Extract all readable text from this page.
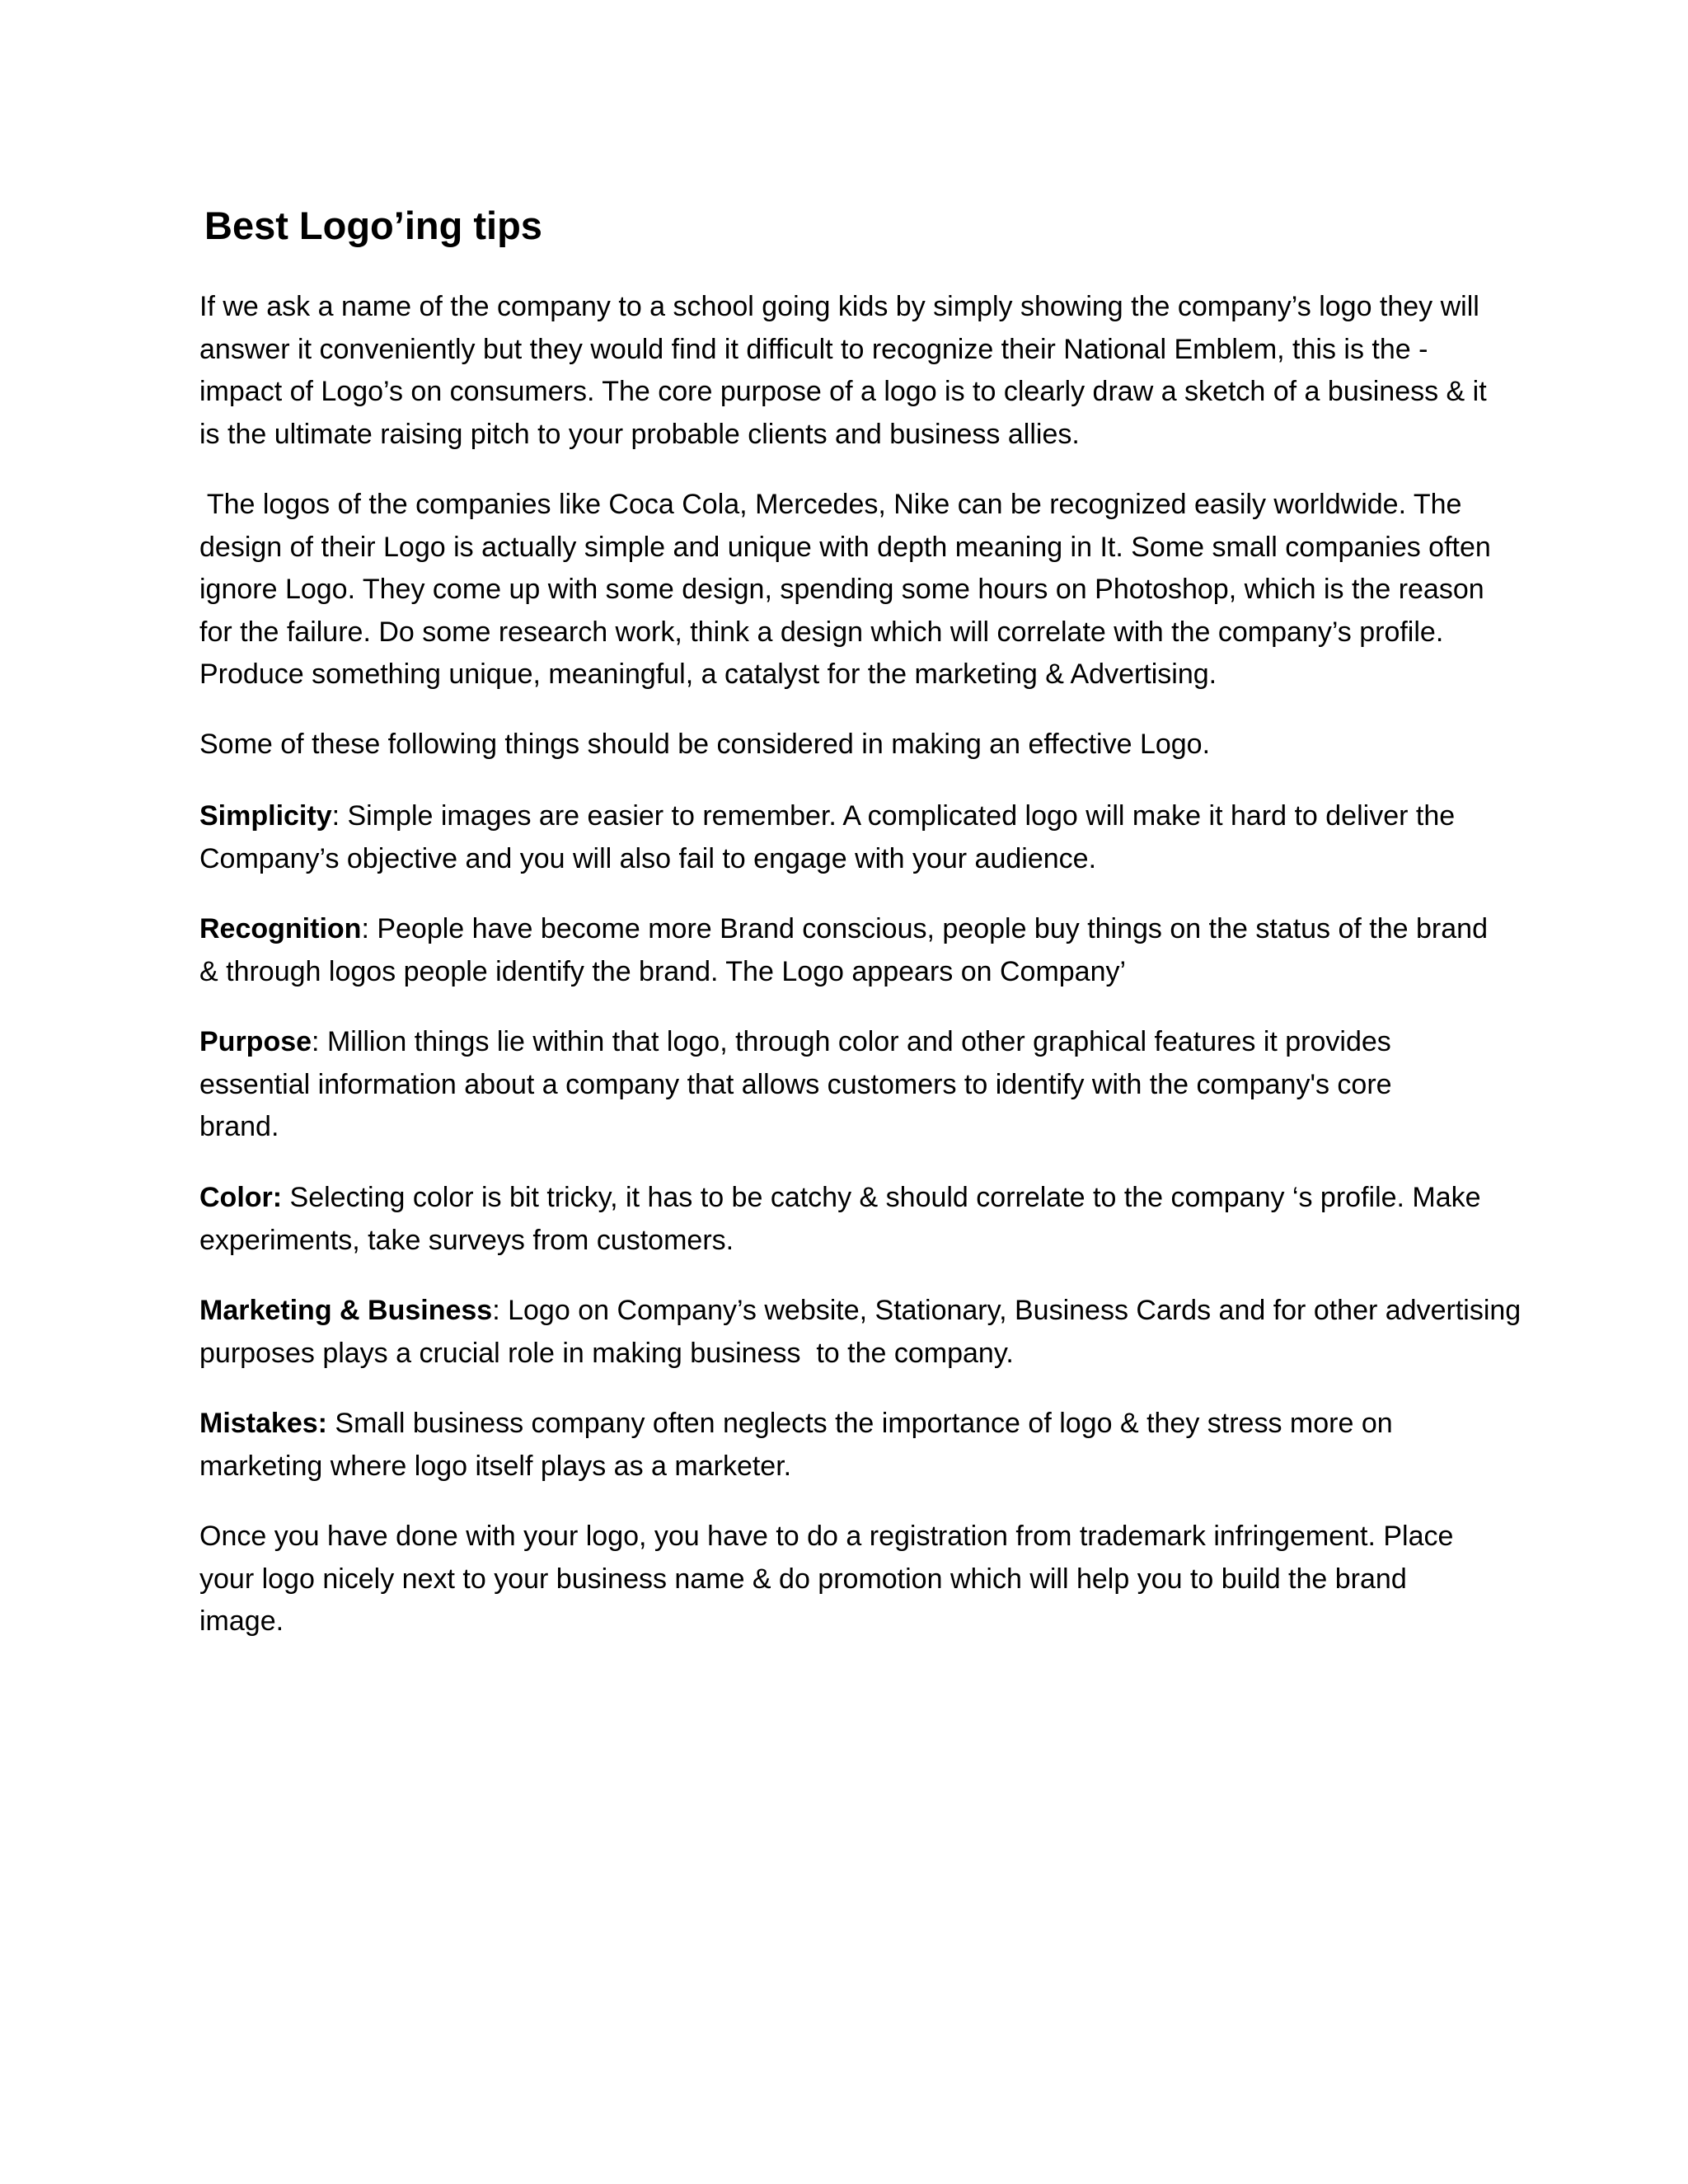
Best Logo’ing tips

If we ask a name of the company to a school going kids by simply showing the company’s logo they will
answer it conveniently but they would find it difficult to recognize their National Emblem, this is the -
impact of Logo’s on consumers. The core purpose of a logo is to clearly draw a sketch of a business & it
is the ultimate raising pitch to your probable clients and business allies.

The logos of the companies like Coca Cola, Mercedes, Nike can be recognized easily worldwide. The
design of their Logo is actually simple and unique with depth meaning in It. Some small companies often
ignore Logo. They come up with some design, spending some hours on Photoshop, which is the reason
for the failure. Do some research work, think a design which will correlate with the company’s profile.
Produce something unique, meaningful, a catalyst for the marketing & Advertising.

Some of these following things should be considered in making an effective Logo.

Simplicity: Simple images are easier to remember. A complicated logo will make it hard to deliver the
Company’s objective and you will also fail to engage with your audience.

Recognition: People have become more Brand conscious, people buy things on the status of the brand
& through logos people identify the brand. The Logo appears on Company’

Purpose: Million things lie within that logo, through color and other graphical features it provides
essential information about a company that allows customers to identify with the company's core
brand.

Color: Selecting color is bit tricky, it has to be catchy & should correlate to the company ‘s profile. Make
experiments, take surveys from customers.

Marketing & Business: Logo on Company’s website, Stationary, Business Cards and for other advertising
purposes plays a crucial role in making business  to the company.

Mistakes: Small business company often neglects the importance of logo & they stress more on
marketing where logo itself plays as a marketer.

Once you have done with your logo, you have to do a registration from trademark infringement. Place
your logo nicely next to your business name & do promotion which will help you to build the brand
image.
